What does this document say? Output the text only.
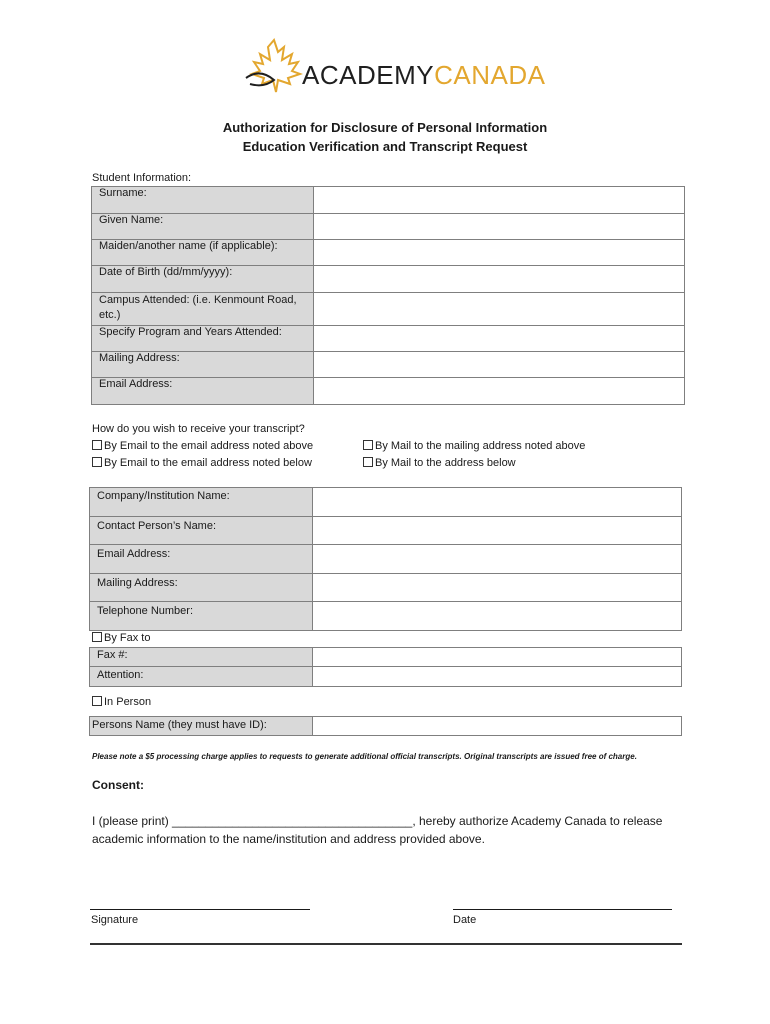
ACADEMYCANADA
Authorization for Disclosure of Personal Information
Education Verification and Transcript Request
Student Information:
Surname:	
Given Name:	
Maiden/another name (if applicable):	
Date of Birth (dd/mm/yyyy):	
Campus Attended: (i.e. Kenmount Road, etc.)	
Specify Program and Years Attended:	
Mailing Address:	
Email Address:	
How do you wish to receive your transcript?
By Email to the email address noted above	By Mail to the mailing address noted above
By Email to the email address noted below	By Mail to the address below
Company/Institution Name:	
Contact Person’s Name:	
Email Address:	
Mailing Address:	
Telephone Number:	
By Fax to
Fax #:	
Attention:	
In Person
Persons Name (they must have ID):	
Please note a $5 processing charge applies to requests to generate additional official transcripts. Original transcripts are issued free of charge.
Consent:
I (please print) ____________________________________, hereby authorize Academy Canada to release academic information to the name/institution and address provided above.
Signature	Date
